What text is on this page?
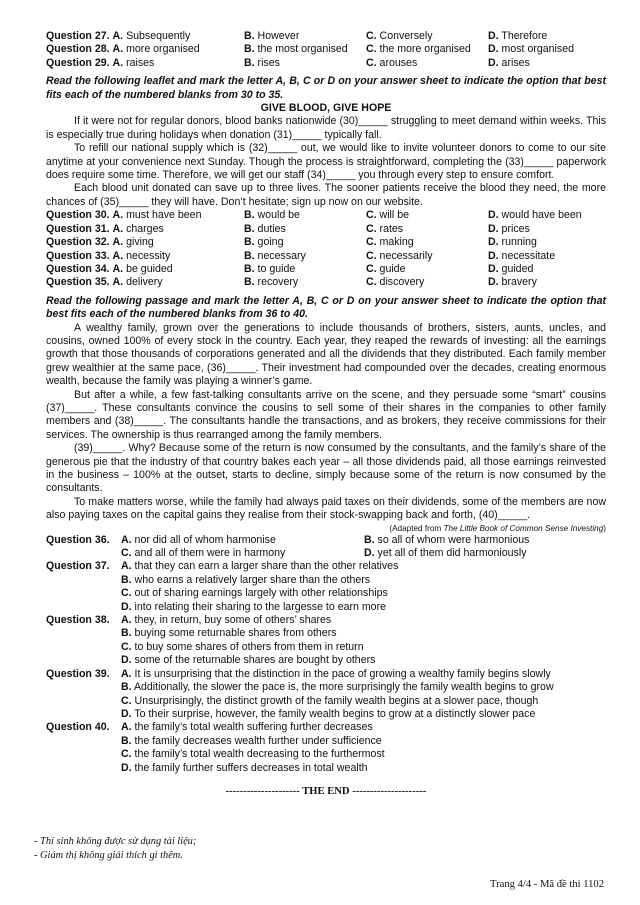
Question 27. A. Subsequently	B. However	C. Conversely	D. Therefore
Question 28. A. more organised	B. the most organised	C. the more organised	D. most organised
Question 29. A. raises	B. rises	C. arouses	D. arises
Read the following leaflet and mark the letter A, B, C or D on your answer sheet to indicate the option that best fits each of the numbered blanks from 30 to 35.
GIVE BLOOD, GIVE HOPE

If it were not for regular donors, blood banks nationwide (30)_____ struggling to meet demand within weeks. This is especially true during holidays when donation (31)_____ typically fall.

To refill our national supply which is (32)_____ out, we would like to invite volunteer donors to come to our site anytime at your convenience next Sunday. Though the process is straightforward, completing the (33)_____ paperwork does require some time. Therefore, we will get our staff (34)_____ you through every step to ensure comfort.

Each blood unit donated can save up to three lives. The sooner patients receive the blood they need, the more chances of (35)_____ they will have. Don’t hesitate; sign up now on our website.

Question 30. A. must have been	B. would be	C. will be	D. would have been
Question 31. A. charges	B. duties	C. rates	D. prices
Question 32. A. giving	B. going	C. making	D. running
Question 33. A. necessity	B. necessary	C. necessarily	D. necessitate
Question 34. A. be guided	B. to guide	C. guide	D. guided
Question 35. A. delivery	B. recovery	C. discovery	D. bravery
Read the following passage and mark the letter A, B, C or D on your answer sheet to indicate the option that best fits each of the numbered blanks from 36 to 40.

A wealthy family, grown over the generations to include thousands of brothers, sisters, aunts, uncles, and cousins, owned 100% of every stock in the country. Each year, they reaped the rewards of investing: all the earnings growth that those thousands of corporations generated and all the dividends that they distributed. Each family member grew wealthier at the same pace, (36)_____. Their investment had compounded over the decades, creating enormous wealth, because the family was playing a winner’s game.

But after a while, a few fast-talking consultants arrive on the scene, and they persuade some “smart” cousins (37)_____. These consultants convince the cousins to sell some of their shares in the companies to other family members and (38)_____. The consultants handle the transactions, and as brokers, they receive commissions for their services. The ownership is thus rearranged among the family members.

(39)_____. Why? Because some of the return is now consumed by the consultants, and the family’s share of the generous pie that the industry of that country bakes each year – all those dividends paid, all those earnings reinvested in the business – 100% at the outset, starts to decline, simply because some of the return is now consumed by the consultants.

To make matters worse, while the family had always paid taxes on their dividends, some of the members are now also paying taxes on the capital gains they realise from their stock-swapping back and forth, (40)_____.

(Adapted from The Little Book of Common Sense Investing)
Question 36.	A. nor did all of whom harmonise	B. so all of whom were harmonious
C. and all of them were in harmony	D. yet all of them did harmoniously
Question 37.	A. that they can earn a larger share than the other relatives
B. who earns a relatively larger share than the others
C. out of sharing earnings largely with other relationships
D. into relating their sharing to the largesse to earn more
Question 38.	A. they, in return, buy some of others’ shares
B. buying some returnable shares from others
C. to buy some shares of others from them in return
D. some of the returnable shares are bought by others
Question 39.	A. It is unsurprising that the distinction in the pace of growing a wealthy family begins slowly
B. Additionally, the slower the pace is, the more surprisingly the family wealth begins to grow
C. Unsurprisingly, the distinct growth of the family wealth begins at a slower pace, though
D. To their surprise, however, the family wealth begins to grow at a distinctly slower pace
Question 40.	A. the family’s total wealth suffering further decreases
B. the family decreases wealth further under sufficience
C. the family’s total wealth decreasing to the furthermost
D. the family further suffers decreases in total wealth
--------------------- THE END ---------------------
- Thí sinh không được sử dụng tài liệu;
- Giám thị không giải thích gì thêm.
Trang 4/4 - Mã đề thi 1102
